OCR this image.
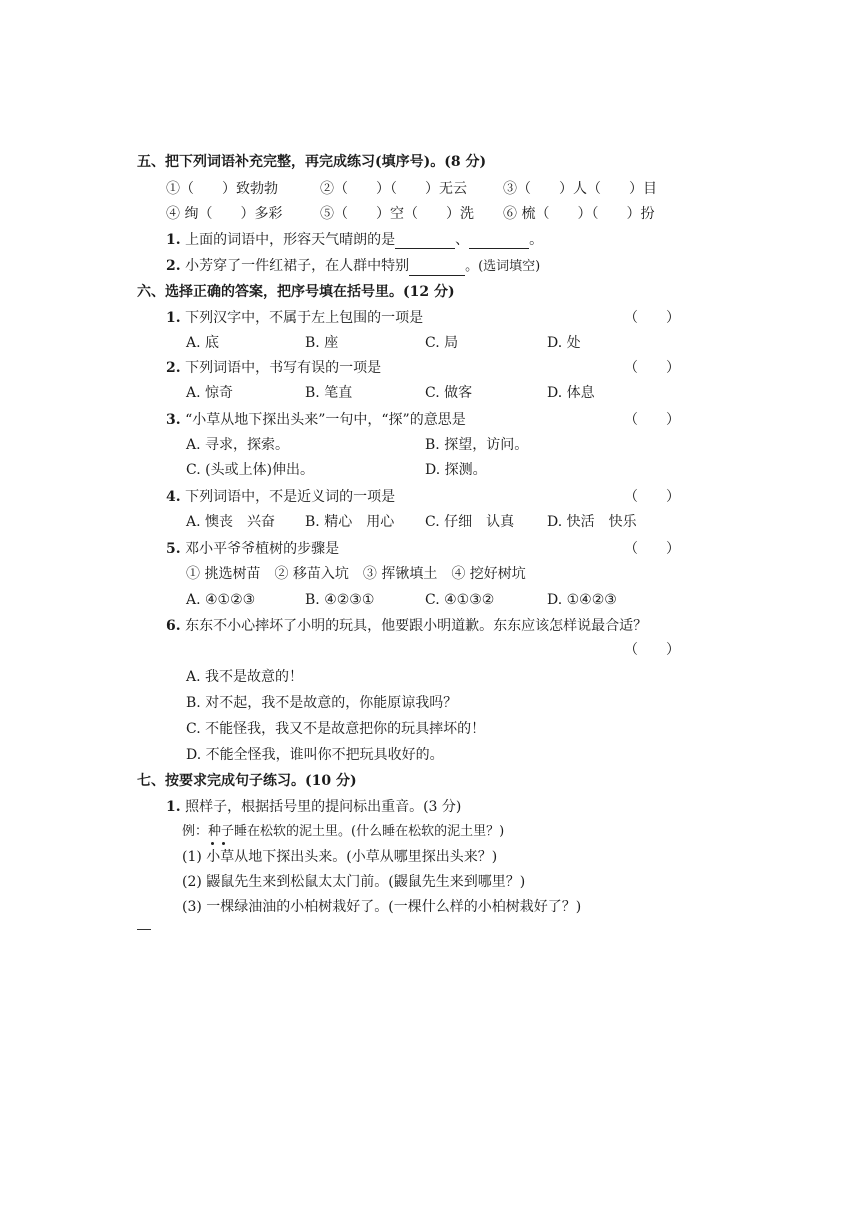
五、把下列词语补充完整，再完成练习(填序号)。(8 分)
①（　　）致勃勃	②（　　）（　　）无云	③（　　）人（　　）目
④ 绚（　　）多彩	⑤（　　）空（　　）洗 ⑥ 梳（　　）（　　）扮
1. 上面的词语中，形容天气晴朗的是	、	。
2. 小芳穿了一件红裙子，在人群中特别	。(选词填空)
六、选择正确的答案，把序号填在括号里。(12 分)
1. 下列汉字中，不属于左上包围的一项是	（　　）
A. 底	B. 座	C. 局	D. 处
2. 下列词语中，书写有误的一项是	（　　）
A. 惊奇	B. 笔直	C. 做客	D. 体息
3. “小草从地下探出头来”一句中，“探”的意思是	（　　）
A. 寻求，探索。	B. 探望，访问。
C. (头或上体)伸出。	D. 探测。
4. 下列词语中，不是近义词的一项是	（　　）
A. 懊丧　兴奋 B. 精心　用心 C. 仔细　认真 D. 快活　快乐
5. 邓小平爷爷植树的步骤是	（　　）
① 挑选树苗　② 移苗入坑　③ 挥锹填土　④ 挖好树坑
A. ④①②③	B. ④②③①	C. ④①③②	D. ①④②③
6. 东东不小心摔坏了小明的玩具，他要跟小明道歉。东东应该怎样说最合适？
（　　）
A. 我不是故意的！
B. 对不起，我不是故意的，你能原谅我吗？
C. 不能怪我，我又不是故意把你的玩具摔坏的！
D. 不能全怪我，谁叫你不把玩具收好的。
七、按要求完成句子练习。(10 分)
1. 照样子，根据括号里的提问标出重音。(3 分)
例：种子睡在松软的泥土里。(什么睡在松软的泥土里？)
(1) 小草从地下探出头来。(小草从哪里探出头来？)
(2) 鼹鼠先生来到松鼠太太门前。(鼹鼠先生来到哪里？)
(3) 一棵绿油油的小柏树栽好了。(一棵什么样的小柏树栽好了？)
